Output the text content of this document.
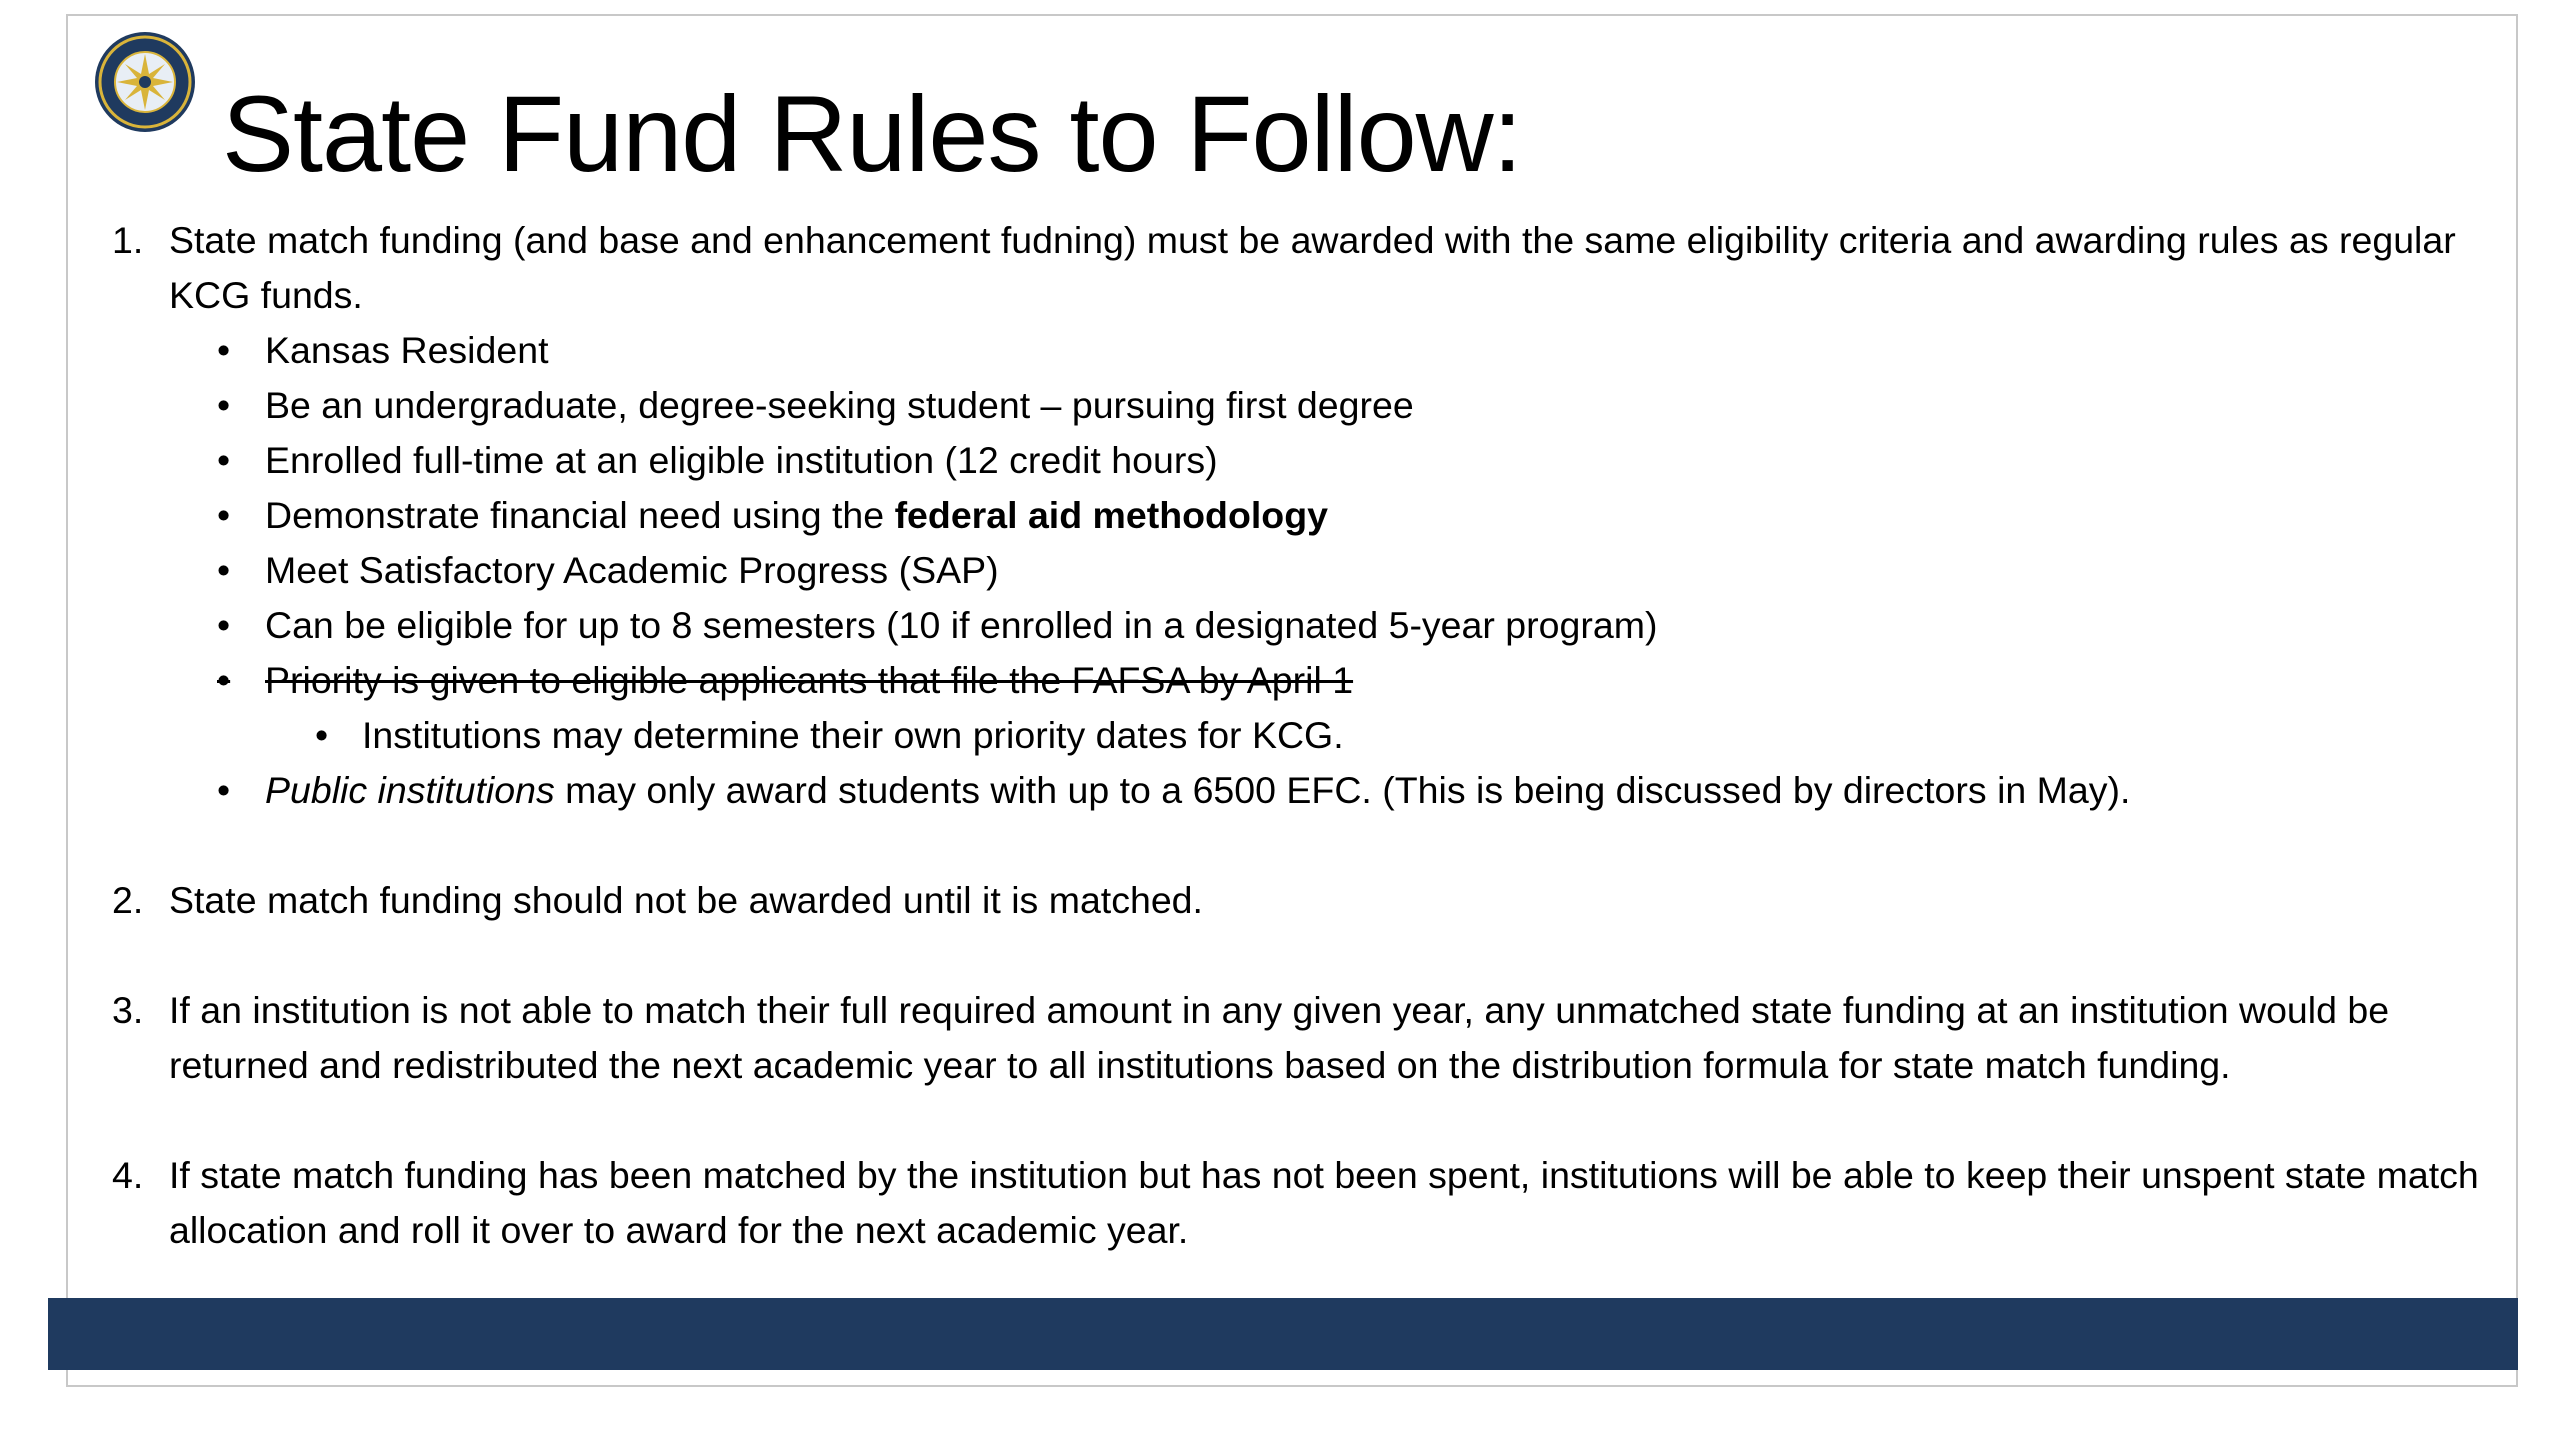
State Fund Rules to Follow:
1. State match funding (and base and enhancement fudning) must be awarded with the same eligibility criteria and awarding rules as regular KCG funds.
• Kansas Resident
• Be an undergraduate, degree-seeking student – pursuing first degree
• Enrolled full-time at an eligible institution (12 credit hours)
• Demonstrate financial need using the federal aid methodology
• Meet Satisfactory Academic Progress (SAP)
• Can be eligible for up to 8 semesters (10 if enrolled in a designated 5-year program)
• Priority is given to eligible applicants that file the FAFSA by April 1
• Institutions may determine their own priority dates for KCG.
• Public institutions may only award students with up to a 6500 EFC. (This is being discussed by directors in May).
2. State match funding should not be awarded until it is matched.
3. If an institution is not able to match their full required amount in any given year, any unmatched state funding at an institution would be returned and redistributed the next academic year to all institutions based on the distribution formula for state match funding.
4. If state match funding has been matched by the institution but has not been spent, institutions will be able to keep their unspent state match allocation and roll it over to award for the next academic year.
